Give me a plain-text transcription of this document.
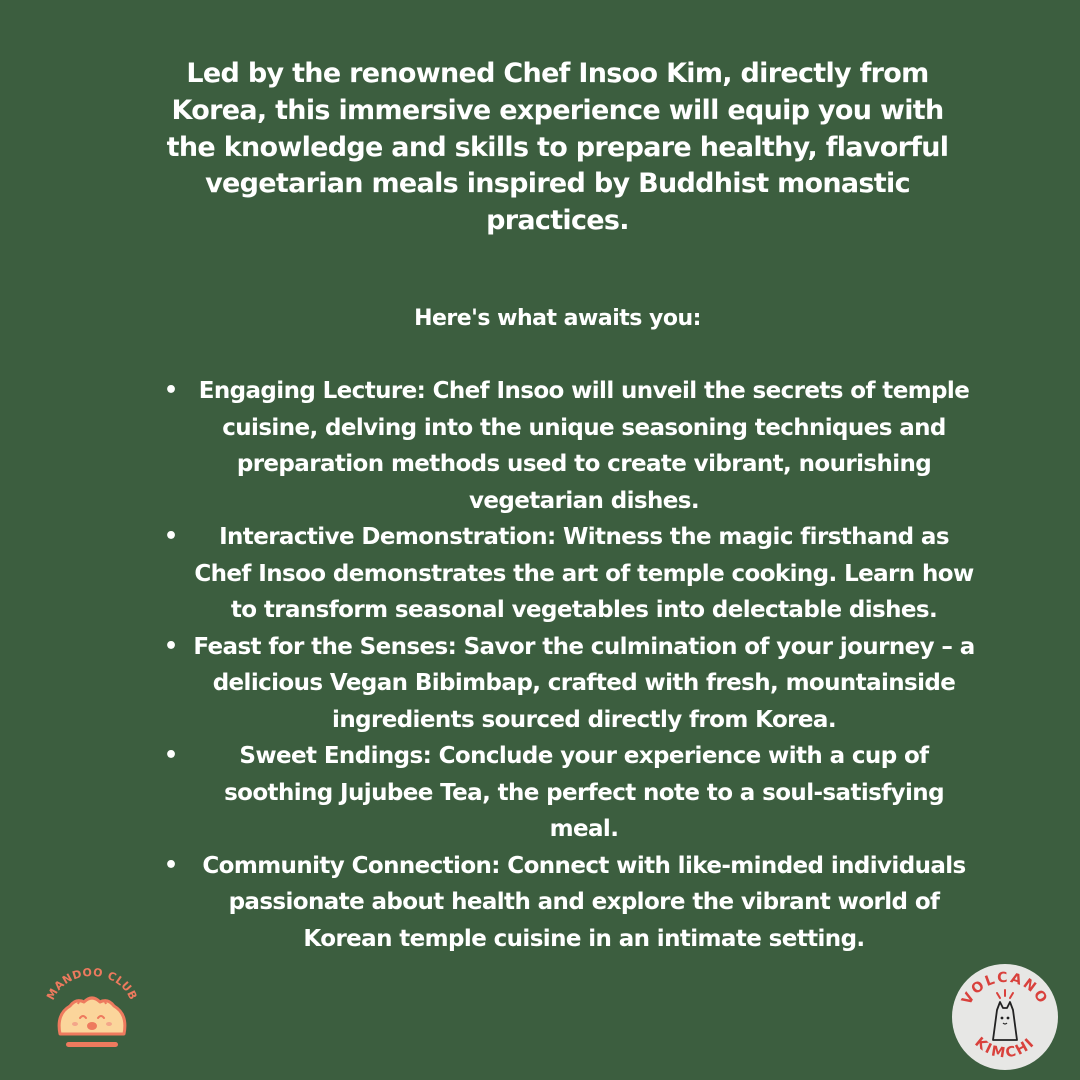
Led by the renowned Chef Insoo Kim, directly from Korea, this immersive experience will equip you with the knowledge and skills to prepare healthy, flavorful vegetarian meals inspired by Buddhist monastic practices.
Here's what awaits you:
• Engaging Lecture: Chef Insoo will unveil the secrets of temple cuisine, delving into the unique seasoning techniques and preparation methods used to create vibrant, nourishing vegetarian dishes.
• Interactive Demonstration: Witness the magic firsthand as Chef Insoo demonstrates the art of temple cooking. Learn how to transform seasonal vegetables into delectable dishes.
• Feast for the Senses: Savor the culmination of your journey – a delicious Vegan Bibimbap, crafted with fresh, mountainside ingredients sourced directly from Korea.
•	Sweet Endings: Conclude your experience with a cup of soothing Jujubee Tea, the perfect note to a soul-satisfying meal.
• Community Connection: Connect with like-minded individuals passionate about health and explore the vibrant world of Korean temple cuisine in an intimate setting.
MANDOO CLUB	VOLCANO
KIMCHI
